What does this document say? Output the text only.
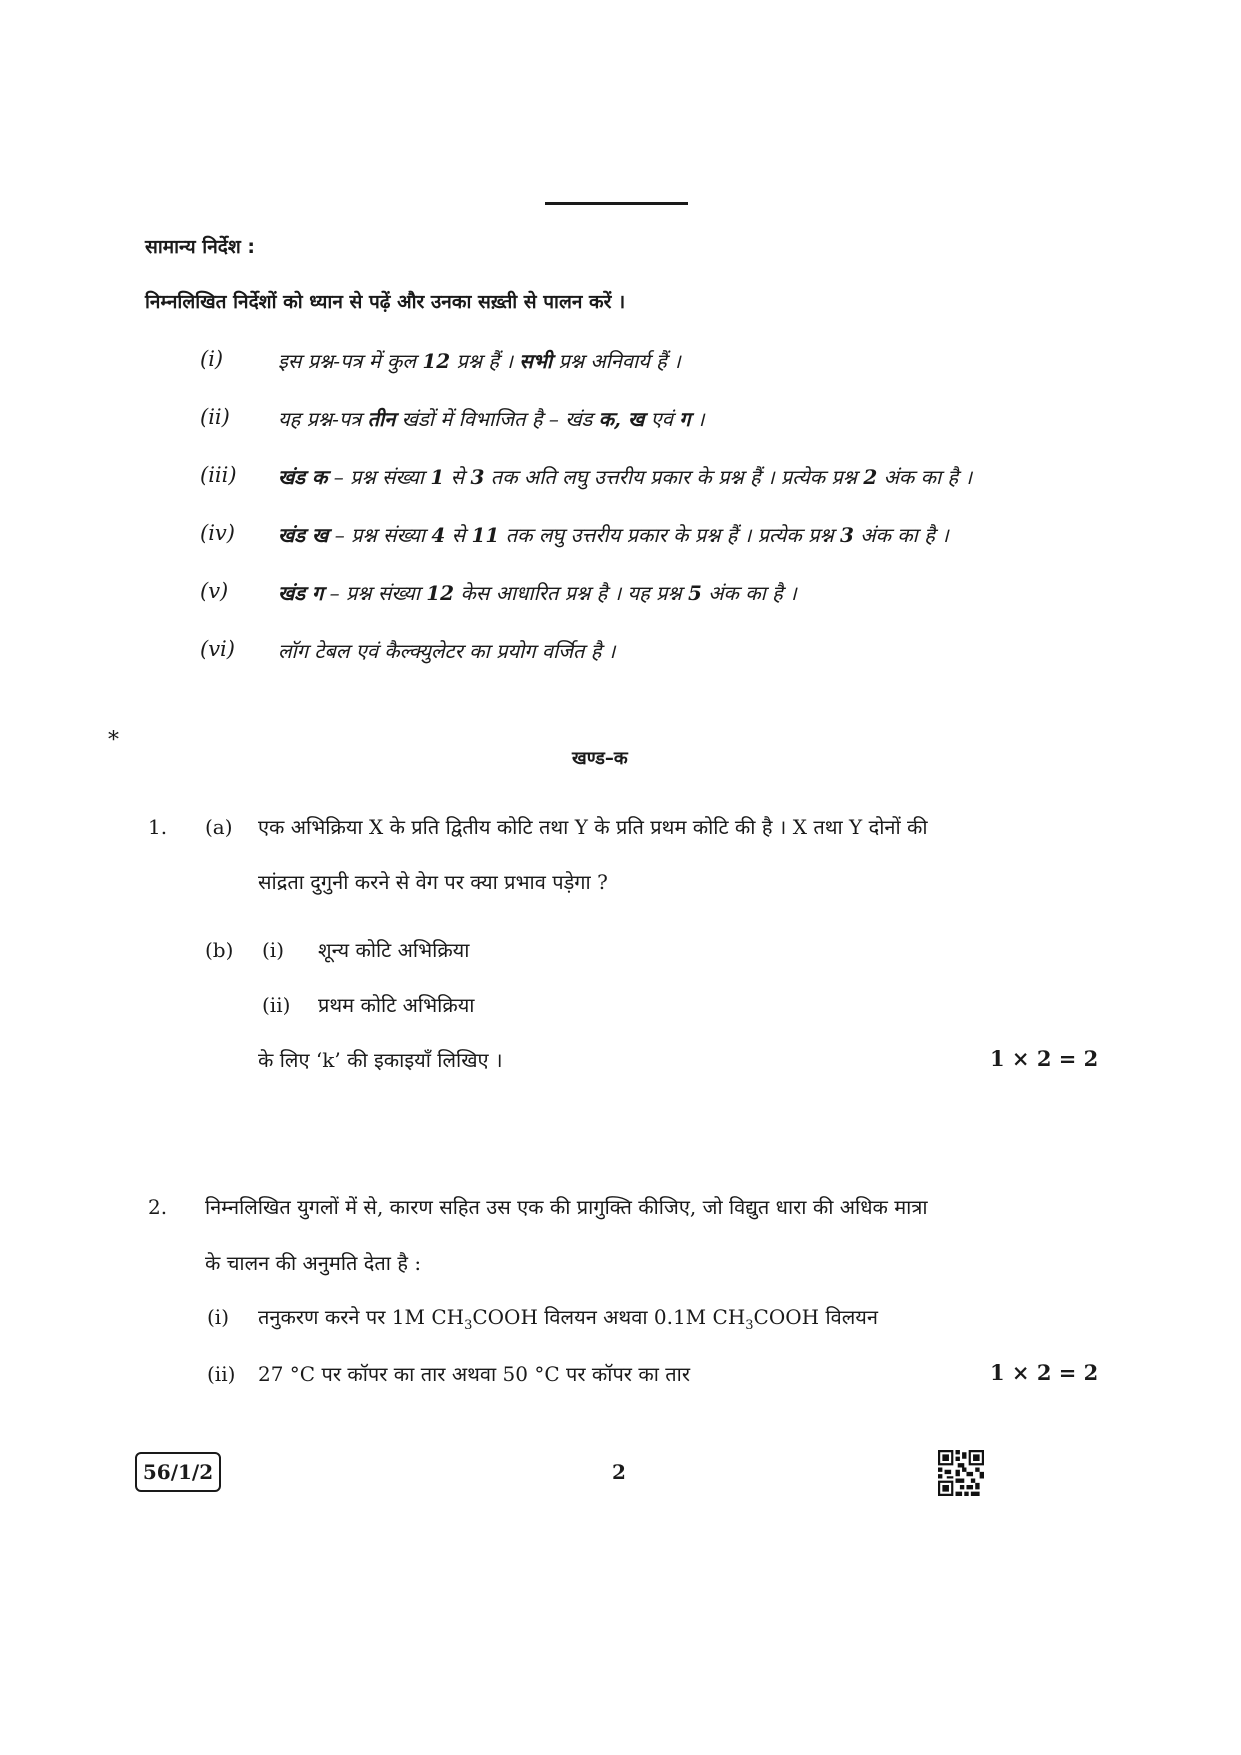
सामान्य निर्देश :
निम्नलिखित निर्देशों को ध्यान से पढ़ें और उनका सख़्ती से पालन करें ।
(i)	इस प्रश्न-पत्र में कुल 12 प्रश्न हैं । सभी प्रश्न अनिवार्य हैं ।
(ii) यह प्रश्न-पत्र तीन खंडों में विभाजित है – खंड क, ख एवं ग ।
(iii) खंड क – प्रश्न संख्या 1 से 3 तक अति लघु उत्तरीय प्रकार के प्रश्न हैं । प्रत्येक प्रश्न 2 अंक का है ।
(iv) खंड ख – प्रश्न संख्या 4 से 11 तक लघु उत्तरीय प्रकार के प्रश्न हैं । प्रत्येक प्रश्न 3 अंक का है ।
(v) खंड ग – प्रश्न संख्या 12 केस आधारित प्रश्न है । यह प्रश्न 5 अंक का है ।
(vi) लॉग टेबल एवं कैल्क्युलेटर का प्रयोग वर्जित है ।
*
खण्ड–क
1. (a) एक अभिक्रिया X के प्रति द्वितीय कोटि तथा Y के प्रति प्रथम कोटि की है । X तथा Y दोनों की
सांद्रता दुगुनी करने से वेग पर क्या प्रभाव पड़ेगा ?
(b) (i) शून्य कोटि अभिक्रिया
(ii) प्रथम कोटि अभिक्रिया
के लिए ‘k’ की इकाइयाँ लिखिए ।	1 × 2 = 2
2. निम्नलिखित युगलों में से, कारण सहित उस एक की प्रागुक्ति कीजिए, जो विद्युत धारा की अधिक मात्रा
के चालन की अनुमति देता है :
(i) तनुकरण करने पर 1M $CH_3COOH$ विलयन अथवा 0.1M $CH_3COOH$ विलयन
(ii) 27 °C पर कॉपर का तार अथवा 50 °C पर कॉपर का तार	1 × 2 = 2
56/1/2	2
